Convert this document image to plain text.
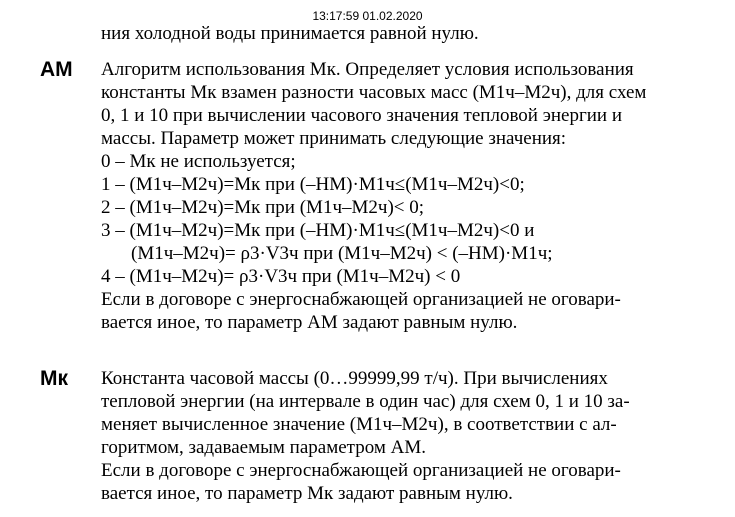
13:17:59 01.02.2020
ния холодной воды принимается равной нулю.
АМ Алгоритм использования Мк. Определяет условия использования
константы Мк взамен разности часовых масс (М1ч–М2ч), для схем
0, 1 и 10 при вычислении часового значения тепловой энергии и
массы. Параметр может принимать следующие значения:
0 – Мк не используется;
1 – (М1ч–М2ч)=Мк при (–НМ)·М1ч≤(М1ч–М2ч)<0;
2 – (М1ч–М2ч)=Мк при (М1ч–М2ч)< 0;
3 – (М1ч–М2ч)=Мк при (–НМ)·М1ч≤(М1ч–М2ч)<0 и
(М1ч–М2ч)= ρ3·V3ч при (М1ч–М2ч) < (–НМ)·М1ч;
4 – (М1ч–М2ч)= ρ3·V3ч при (М1ч–М2ч) < 0
Если в договоре с энергоснабжающей организацией не оговари-
вается иное, то параметр АМ задают равным нулю.
Мк Константа часовой массы (0…99999,99 т/ч). При вычислениях
тепловой энергии (на интервале в один час) для схем 0, 1 и 10 за-
меняет вычисленное значение (М1ч–М2ч), в соответствии с ал-
горитмом, задаваемым параметром АМ.
Если в договоре с энергоснабжающей организацией не оговари-
вается иное, то параметр Мк задают равным нулю.
